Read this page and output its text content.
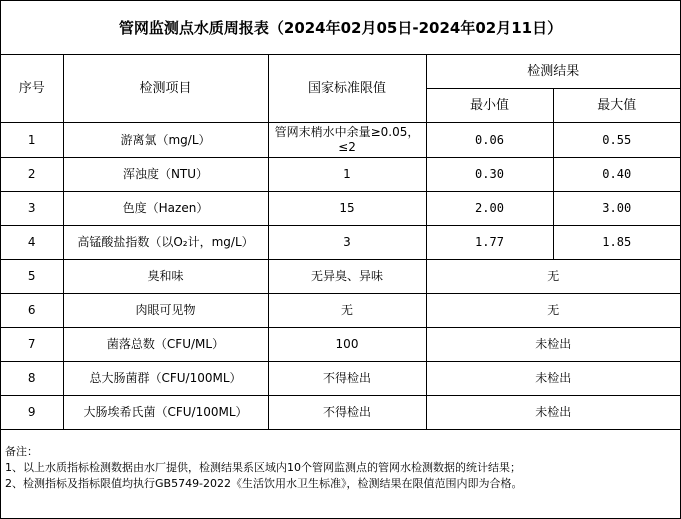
管网监测点水质周报表（2024年02月05日-2024年02月11日）
序号	检测项目	国家标准限值	检测结果	
			最小值	最大值
1	游离氯（mg/L）	管网末梢水中余量≥0.05，≤2	0.06	0.55
2	浑浊度（NTU）	1	0.30	0.40
3	色度（Hazen）	15	2.00	3.00
4	高锰酸盐指数（以O₂计，mg/L）	3	1.77	1.85
5	臭和味	无异臭、异味	无	
6	肉眼可见物	无	无	
7	菌落总数（CFU/ML）	100	未检出	
8	总大肠菌群（CFU/100ML）	不得检出	未检出	
9	大肠埃希氏菌（CFU/100ML）	不得检出	未检出	
备注：
1、以上水质指标检测数据由水厂提供，检测结果系区域内10个管网监测点的管网水检测数据的统计结果；
2、检测指标及指标限值均执行GB5749-2022《生活饮用水卫生标准》，检测结果在限值范围内即为合格。
